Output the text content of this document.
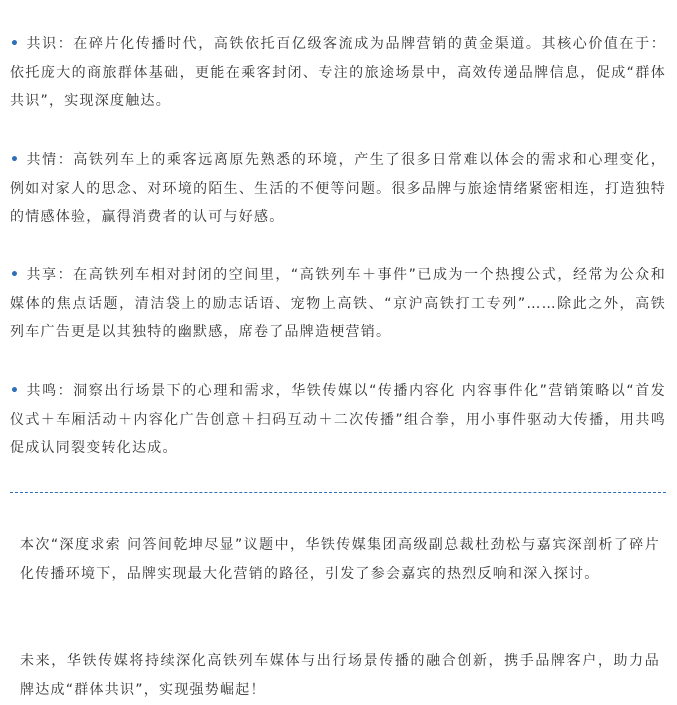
• 共识：在碎片化传播时代，高铁依托百亿级客流成为品牌营销的黄金渠道。其核心价值在于：依托庞大的商旅群体基础，更能在乘客封闭、专注的旅途场景中，高效传递品牌信息，促成“群体共识”，实现深度触达。

• 共情：高铁列车上的乘客远离原先熟悉的环境，产生了很多日常难以体会的需求和心理变化，例如对家人的思念、对环境的陌生、生活的不便等问题。很多品牌与旅途情绪紧密相连，打造独特的情感体验，赢得消费者的认可与好感。

• 共享：在高铁列车相对封闭的空间里，“高铁列车＋事件”已成为一个热搜公式，经常为公众和媒体的焦点话题，清洁袋上的励志话语、宠物上高铁、“京沪高铁打工专列”……除此之外，高铁列车广告更是以其独特的幽默感，席卷了品牌造梗营销。

• 共鸣：洞察出行场景下的心理和需求，华铁传媒以“传播内容化 内容事件化”营销策略以“首发仪式＋车厢活动＋内容化广告创意＋扫码互动＋二次传播”组合拳，用小事件驱动大传播，用共鸣促成认同裂变转化达成。

本次“深度求索 问答间乾坤尽显”议题中，华铁传媒集团高级副总裁杜劲松与嘉宾深剖析了碎片化传播环境下，品牌实现最大化营销的路径，引发了参会嘉宾的热烈反响和深入探讨。

未来，华铁传媒将持续深化高铁列车媒体与出行场景传播的融合创新，携手品牌客户，助力品牌达成“群体共识”，实现强势崛起！
